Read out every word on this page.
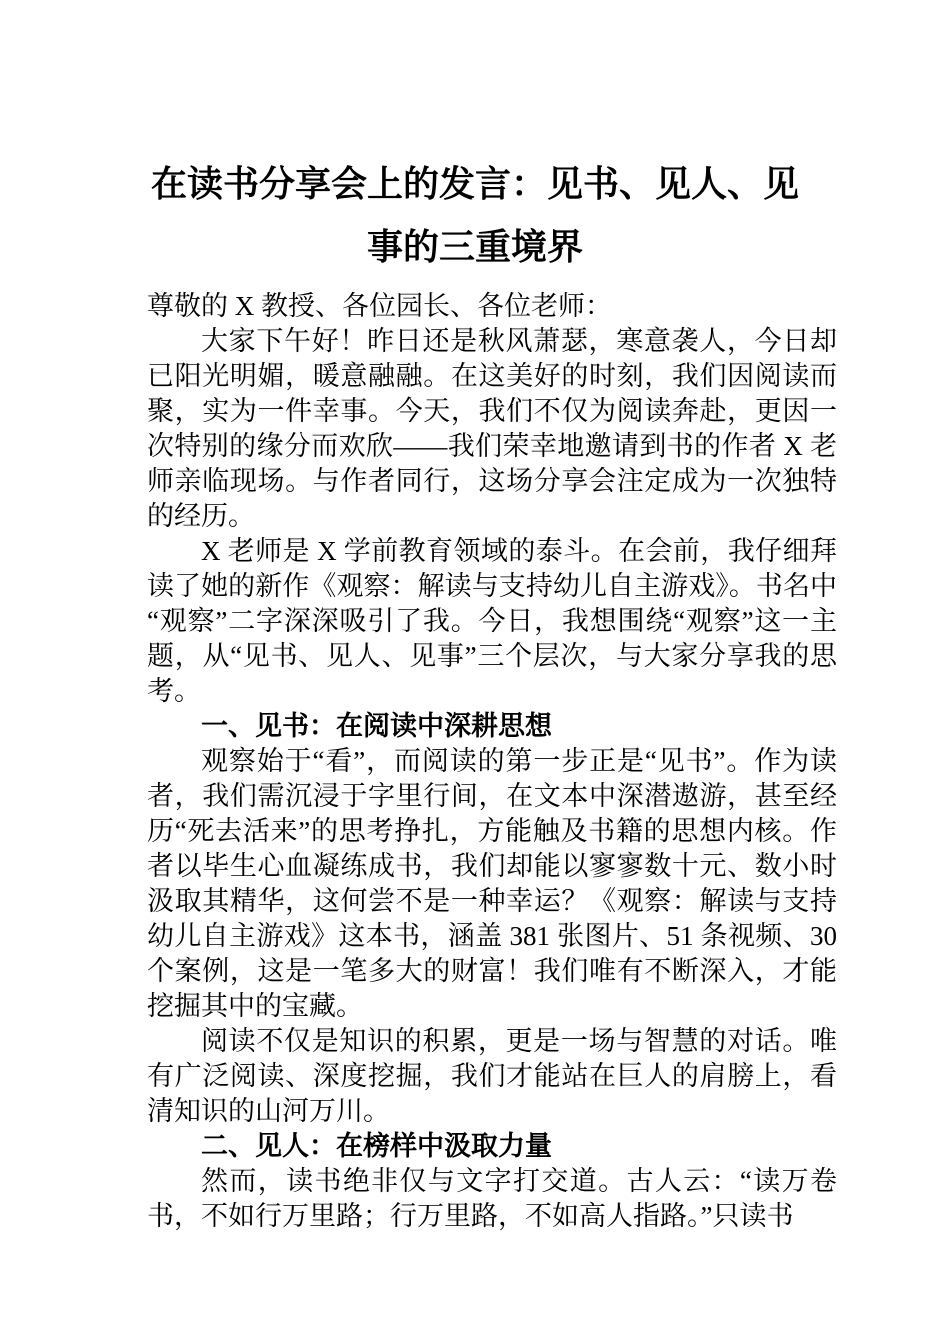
在读书分享会上的发言：见书、见人、见事的三重境界

尊敬的 X 教授、各位园长、各位老师：

大家下午好！昨日还是秋风萧瑟，寒意袭人，今日却已阳光明媚，暖意融融。在这美好的时刻，我们因阅读而聚，实为一件幸事。今天，我们不仅为阅读奔赴，更因一次特别的缘分而欢欣——我们荣幸地邀请到书的作者 X 老师亲临现场。与作者同行，这场分享会注定成为一次独特的经历。

X 老师是 X 学前教育领域的泰斗。在会前，我仔细拜读了她的新作《观察：解读与支持幼儿自主游戏》。书名中“观察”二字深深吸引了我。今日，我想围绕“观察”这一主题，从“见书、见人、见事”三个层次，与大家分享我的思考。

一、见书：在阅读中深耕思想

观察始于“看”，而阅读的第一步正是“见书”。作为读者，我们需沉浸于字里行间，在文本中深潜遨游，甚至经历“死去活来”的思考挣扎，方能触及书籍的思想内核。作者以毕生心血凝练成书，我们却能以寥寥数十元、数小时汲取其精华，这何尝不是一种幸运？《观察：解读与支持幼儿自主游戏》这本书，涵盖 381 张图片、51 条视频、30 个案例，这是一笔多大的财富！我们唯有不断深入，才能挖掘其中的宝藏。

阅读不仅是知识的积累，更是一场与智慧的对话。唯有广泛阅读、深度挖掘，我们才能站在巨人的肩膀上，看清知识的山河万川。

二、见人：在榜样中汲取力量

然而，读书绝非仅与文字打交道。古人云：“读万卷书，不如行万里路；行万里路，不如高人指路。”只读书
